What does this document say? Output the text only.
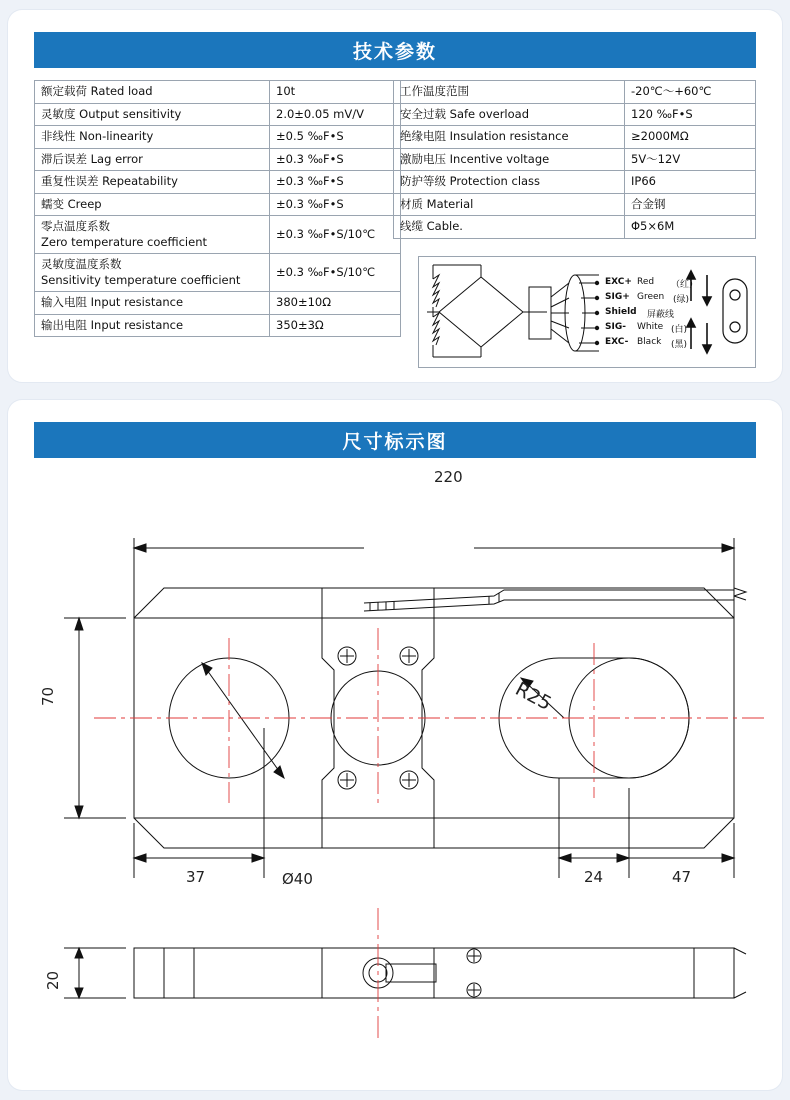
技术参数
额定载荷 Rated load	10t
灵敏度 Output sensitivity	2.0±0.05 mV/V
非线性 Non-linearity	±0.5 ‰F•S
滞后误差 Lag error	±0.3 ‰F•S
重复性误差 Repeatability	±0.3 ‰F•S
蠕变 Creep	±0.3 ‰F•S

零点温度系数
Zero temperature coefficient	±0.3 ‰F•S/10℃

灵敏度温度系数
Sensitivity temperature coefficient	±0.3 ‰F•S/10℃
输入电阻 Input resistance	380±10Ω
输出电阻 Input resistance	350±3Ω
工作温度范围	-20℃～+60℃
安全过载 Safe overload	120 ‰F•S
绝缘电阻 Insulation resistance	≥2000MΩ
激励电压 Incentive voltage	5V～12V
防护等级 Protection class	IP66
材质 Material	合金钢
线缆 Cable.	Φ5×6M
EXC+ Red （红）
SIG+ Green (绿)
Shield 屏蔽线
SIG- White (白)
EXC- Black (黑)
尺寸标示图
220
70
20
37	Ø40
R25
24	47
